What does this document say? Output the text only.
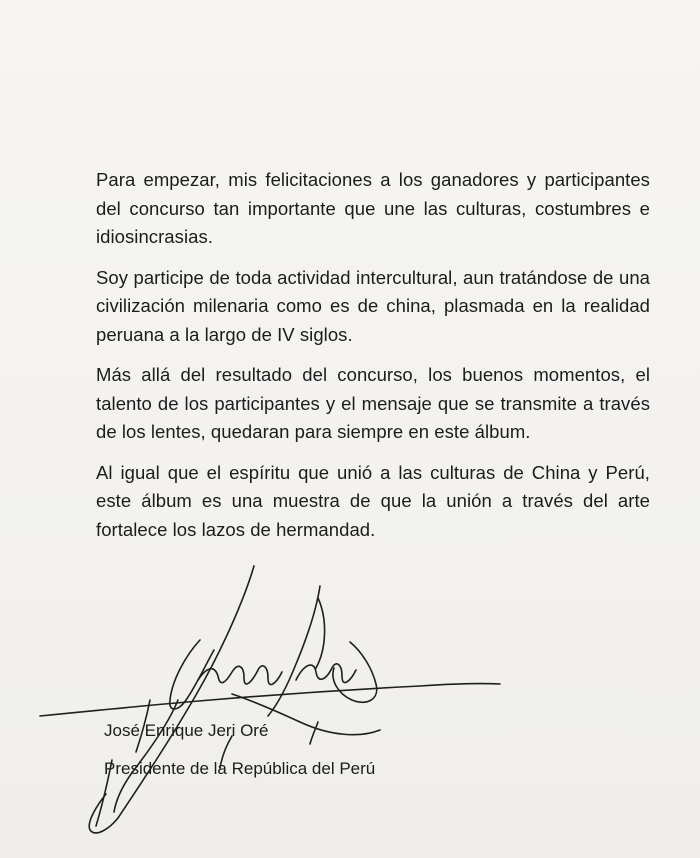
Para empezar, mis felicitaciones a los ganadores y participantes del concurso tan importante que une las culturas, costumbres e idiosincrasias.

Soy participe de toda actividad intercultural, aun tratándose de una civilización milenaria como es de china, plasmada en la realidad peruana a la largo de IV siglos.

Más allá del resultado del concurso, los buenos momentos, el talento de los participantes y el mensaje que se transmite a través de los lentes, quedaran para siempre en este álbum.

Al igual que el espíritu que unió a las culturas de China y Perú, este álbum es una muestra de que la unión a través del arte fortalece los lazos de hermandad.

José Enrique Jeri Oré
Presidente de la República del Perú
